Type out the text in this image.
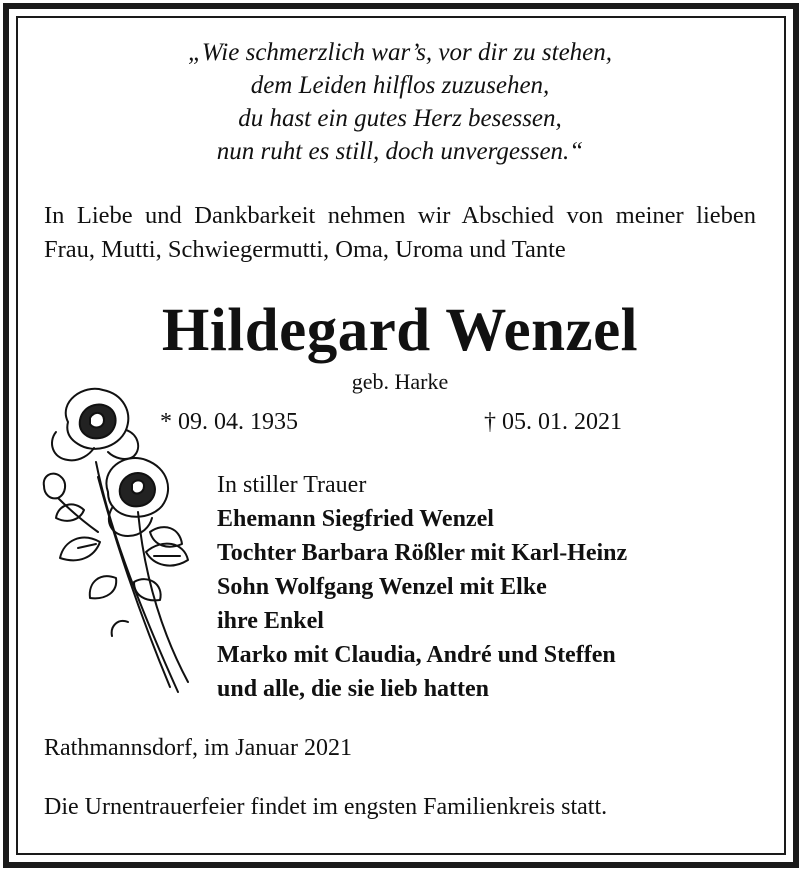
„Wie schmerzlich war’s, vor dir zu stehen,
dem Leiden hilflos zuzusehen,
du hast ein gutes Herz besessen,
nun ruht es still, doch unvergessen.“

In Liebe und Dankbarkeit nehmen wir Abschied von meiner lieben Frau, Mutti, Schwiegermutti, Oma, Uroma und Tante

Hildegard Wenzel
geb. Harke
* 09. 04. 1935	† 05. 01. 2021
In stiller Trauer
Ehemann Siegfried Wenzel
Tochter Barbara Rößler mit Karl-Heinz
Sohn Wolfgang Wenzel mit Elke
ihre Enkel
Marko mit Claudia, André und Steffen
und alle, die sie lieb hatten
Rathmannsdorf, im Januar 2021
Die Urnentrauerfeier findet im engsten Familienkreis statt.
